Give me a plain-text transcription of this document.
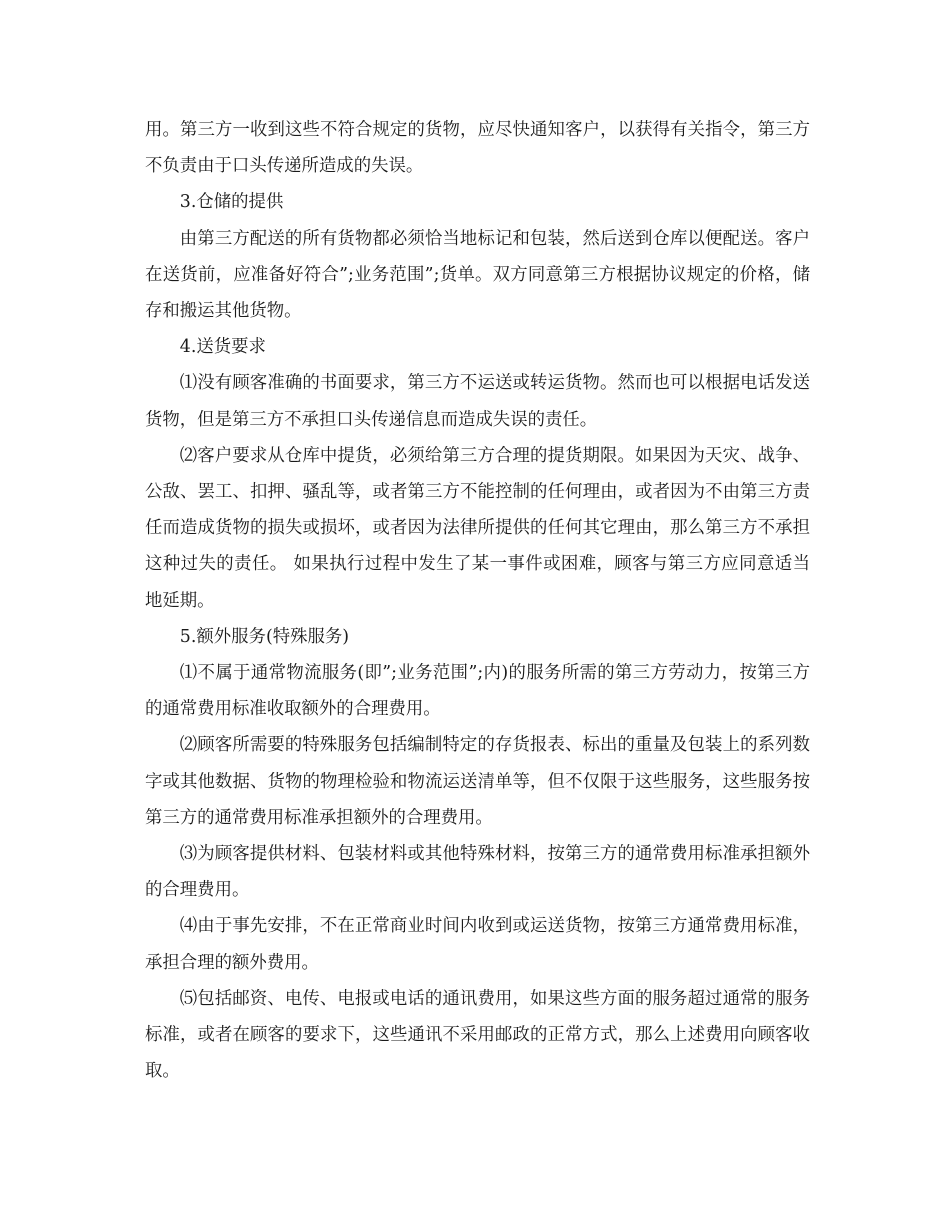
用。第三方一收到这些不符合规定的货物，应尽快通知客户，以获得有关指令，第三方不负责由于口头传递所造成的失误。

3.仓储的提供

由第三方配送的所有货物都必须恰当地标记和包装，然后送到仓库以便配送。客户在送货前，应准备好符合”;业务范围”;货单。双方同意第三方根据协议规定的价格，储存和搬运其他货物。

4.送货要求

⑴没有顾客准确的书面要求，第三方不运送或转运货物。然而也可以根据电话发送货物，但是第三方不承担口头传递信息而造成失误的责任。

⑵客户要求从仓库中提货，必须给第三方合理的提货期限。如果因为天灾、战争、公敌、罢工、扣押、骚乱等，或者第三方不能控制的任何理由，或者因为不由第三方责任而造成货物的损失或损坏，或者因为法律所提供的任何其它理由，那么第三方不承担这种过失的责任。 如果执行过程中发生了某一事件或困难，顾客与第三方应同意适当地延期。

5.额外服务(特殊服务)

⑴不属于通常物流服务(即”;业务范围”;内)的服务所需的第三方劳动力，按第三方的通常费用标准收取额外的合理费用。

⑵顾客所需要的特殊服务包括编制特定的存货报表、标出的重量及包装上的系列数字或其他数据、货物的物理检验和物流运送清单等，但不仅限于这些服务，这些服务按第三方的通常费用标准承担额外的合理费用。

⑶为顾客提供材料、包装材料或其他特殊材料，按第三方的通常费用标准承担额外的合理费用。

⑷由于事先安排，不在正常商业时间内收到或运送货物，按第三方通常费用标准，承担合理的额外费用。

⑸包括邮资、电传、电报或电话的通讯费用，如果这些方面的服务超过通常的服务标准，或者在顾客的要求下，这些通讯不采用邮政的正常方式，那么上述费用向顾客收取。
